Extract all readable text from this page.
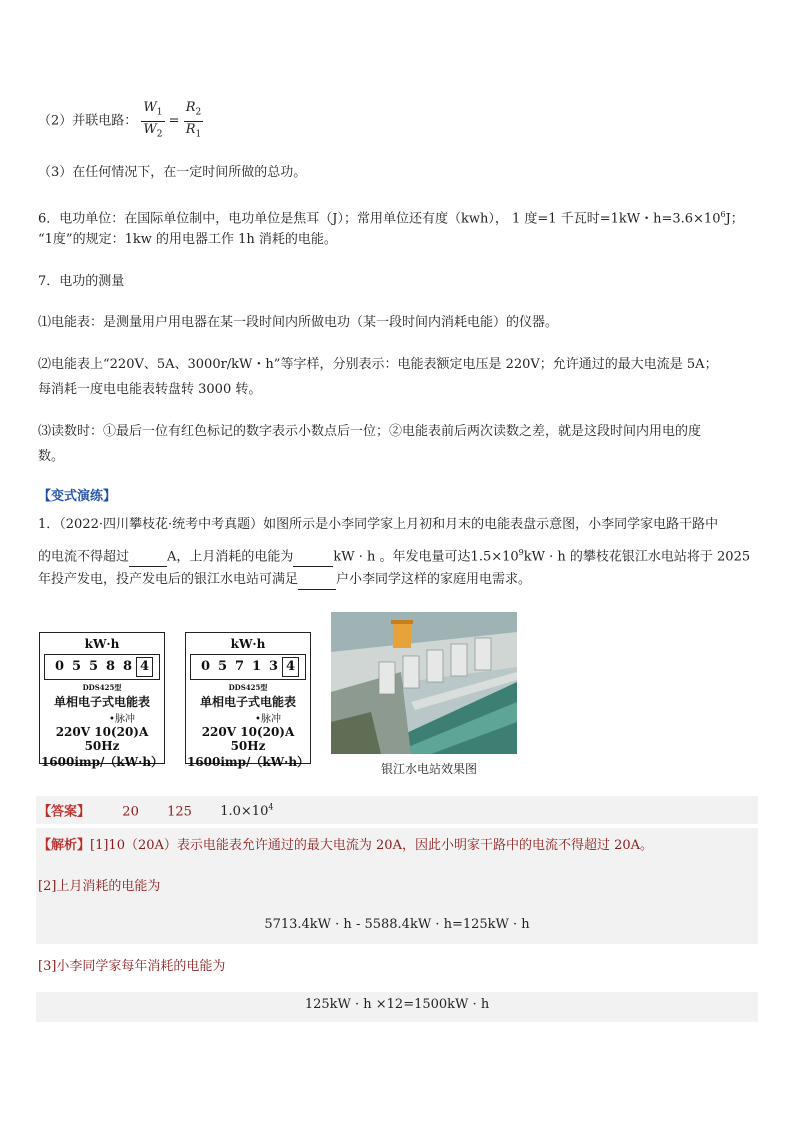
（2）并联电路： $\frac{W_1}{W_2} = \frac{R_2}{R_1}$
（3）在任何情况下，在一定时间所做的总功。
6．电功单位：在国际单位制中，电功单位是焦耳（J）；常用单位还有度（kwh）， 1 度=1 千瓦时=1kW・$h=3.6\times 10^6J$；
“1度”的规定：1kw 的用电器工作 1h 消耗的电能。
7．电功的测量
⑴电能表：是测量用户用电器在某一段时间内所做电功（某一段时间内消耗电能）的仪器。
⑵电能表上“220V、5A、3000r/kW・h”等字样，分别表示：电能表额定电压是 220V；允许通过的最大电流是 5A；
每消耗一度电电能表转盘转 3000 转。
⑶读数时：①最后一位有红色标记的数字表示小数点后一位；②电能表前后两次读数之差，就是这段时间内用电的度
数。
【变式演练】
1．（2022·四川攀枝花·统考中考真题）如图所示是小李同学家上月初和月末的电能表盘示意图，小李同学家电路干路中
的电流不得超过	A，上月消耗的电能为	kW · h 。年发电量可达$1.5\times 10^9kW \cdot h$ 的攀枝花银江水电站将于 2025
年投产发电，投产发电后的银江水电站可满足	户小李同学这样的家庭用电需求。
kW·h
0 5 5 8 8 4
DDS425型
单相电子式电能表
•脉冲
220V 10(20)A 50Hz
1600imp/（kW·h）
kW·h
0 5 7 1 3 4
DDS425型
单相电子式电能表
•脉冲
220V 10(20)A 50Hz
1600imp/（kW·h）	银江水电站效果图
【答案】 20 125 $1.0\times 10^4$
【解析】[1]10（20A）表示电能表允许通过的最大电流为 20A，因此小明家干路中的电流不得超过 20A。
[2]上月消耗的电能为
5713.4kW · h - 5588.4kW · h=125kW · h
[3]小李同学家每年消耗的电能为
125kW · h ×12=1500kW · h
